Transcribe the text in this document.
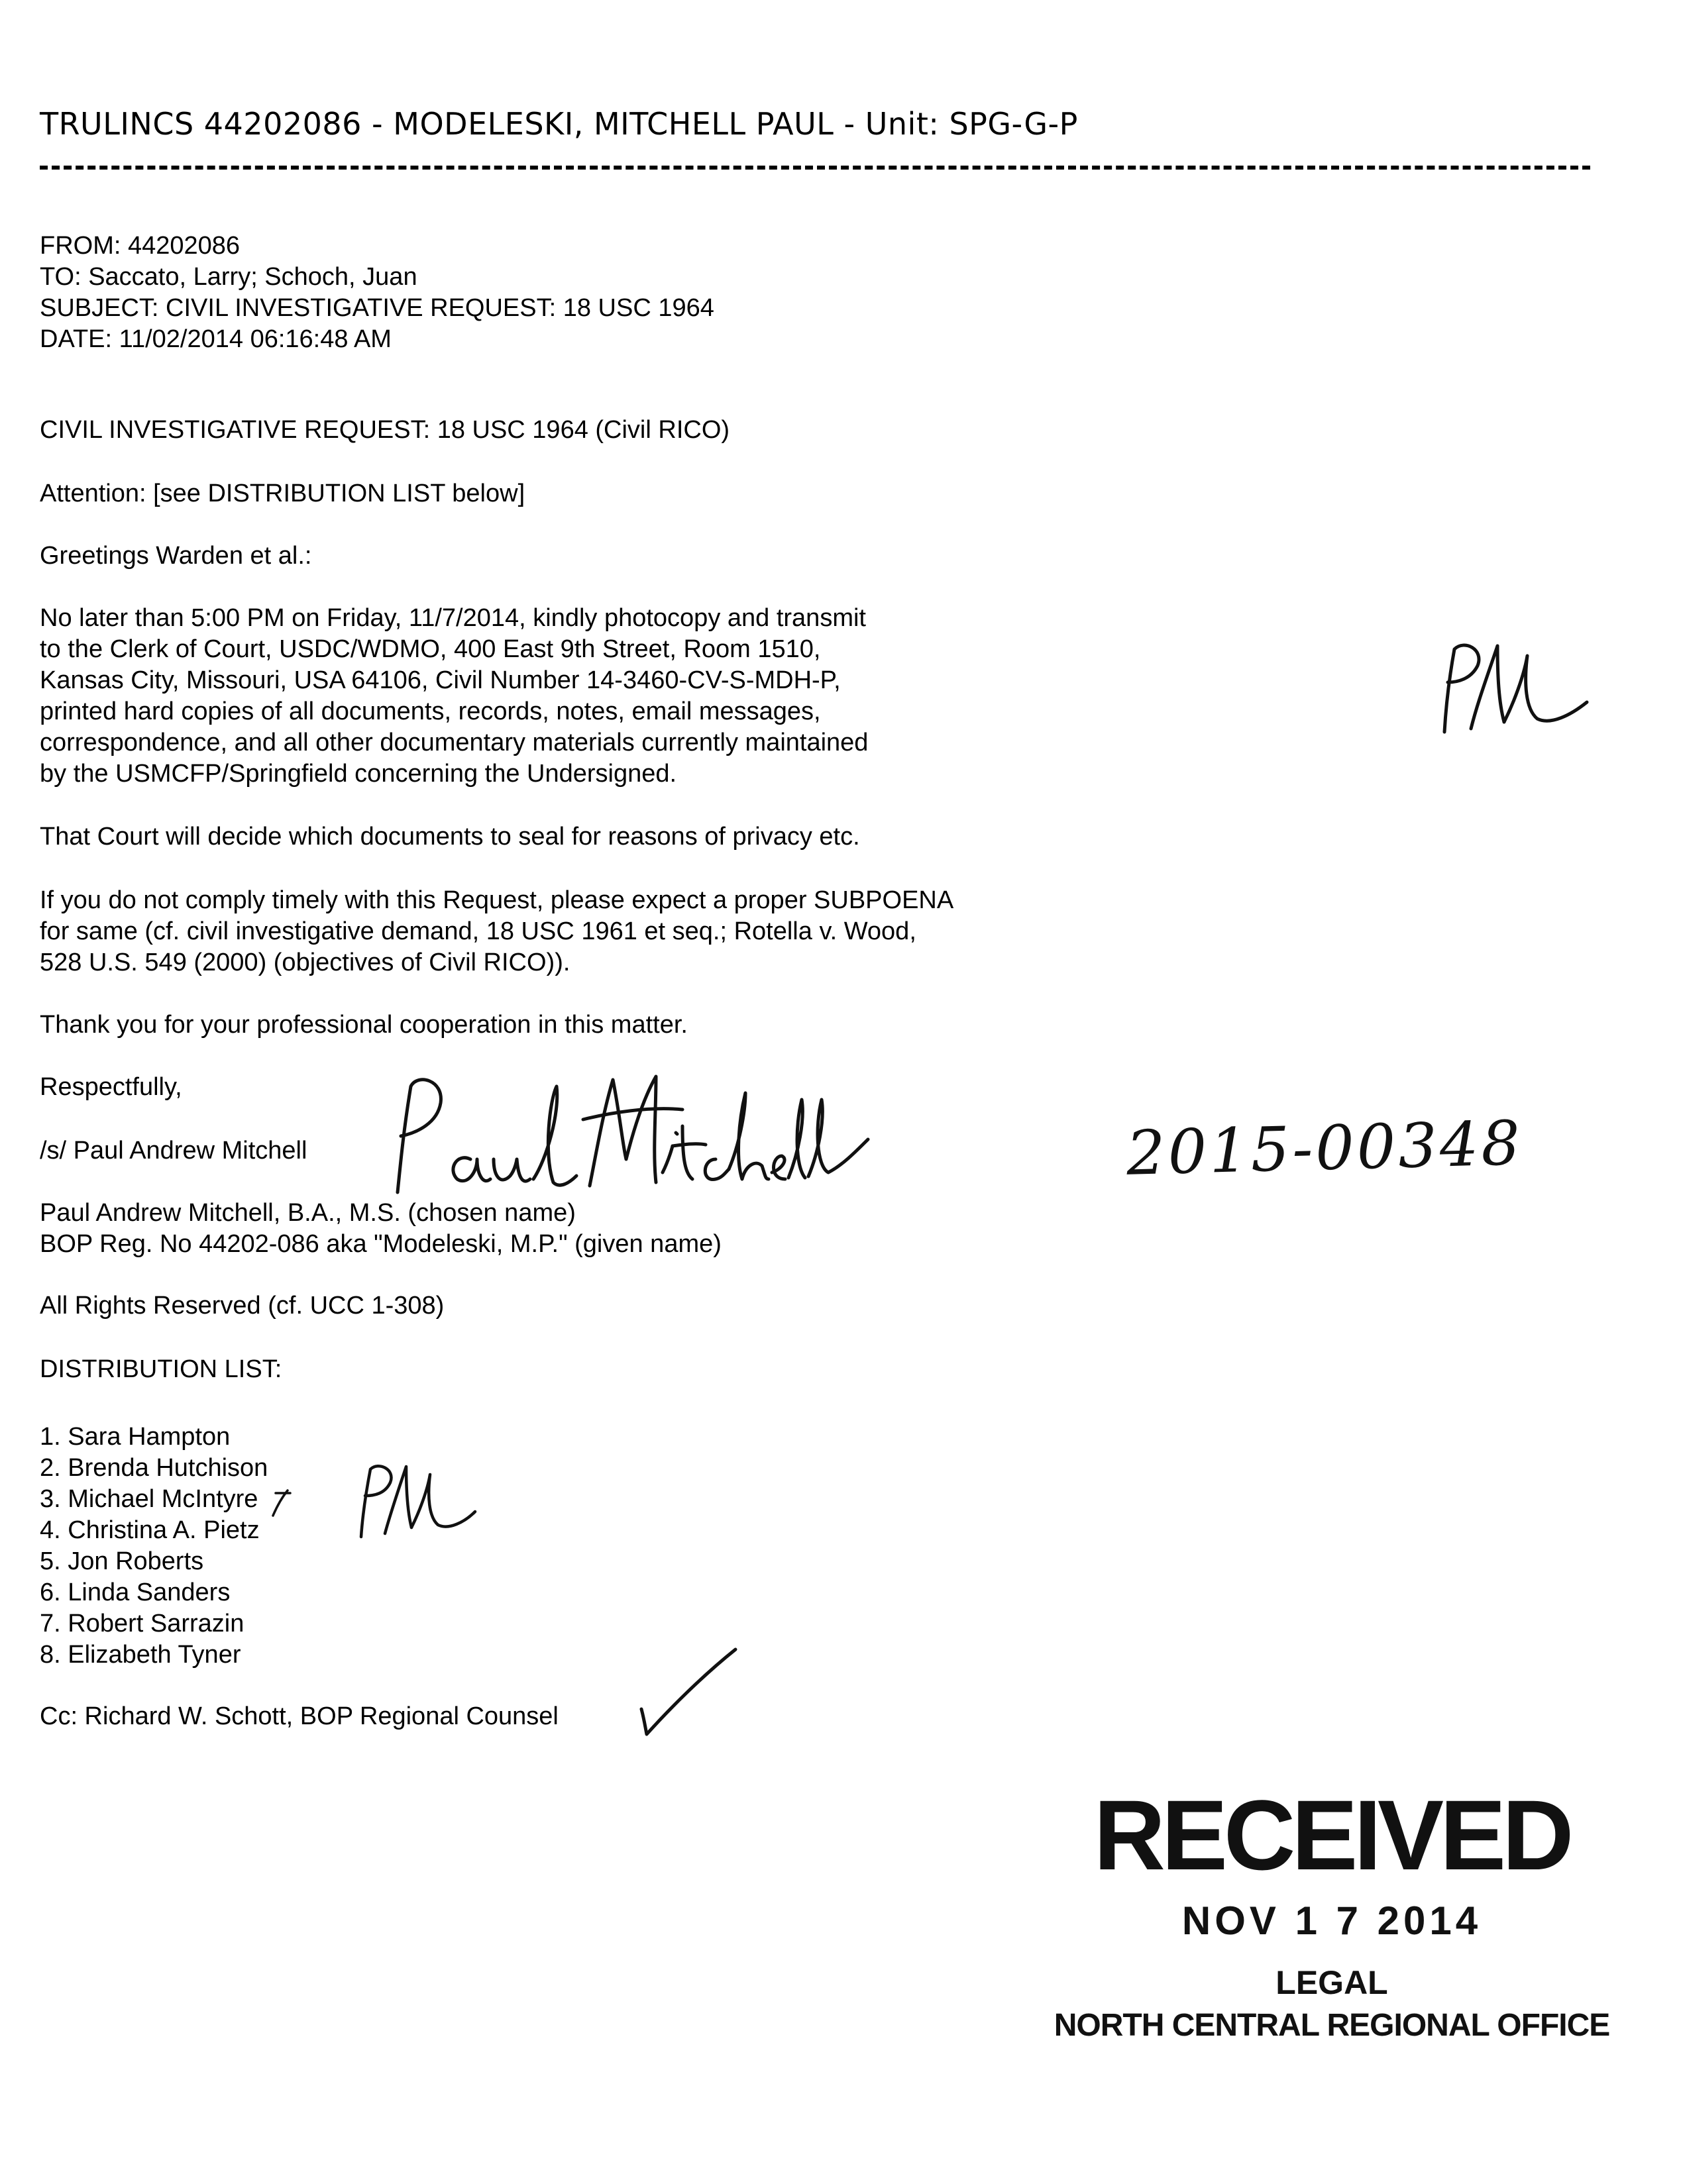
TRULINCS 44202086 - MODELESKI, MITCHELL PAUL - Unit: SPG-G-P
FROM: 44202086
TO: Saccato, Larry; Schoch, Juan
SUBJECT: CIVIL INVESTIGATIVE REQUEST: 18 USC 1964
DATE: 11/02/2014 06:16:48 AM
CIVIL INVESTIGATIVE REQUEST: 18 USC 1964 (Civil RICO)
Attention: [see DISTRIBUTION LIST below]
Greetings Warden et al.:
No later than 5:00 PM on Friday, 11/7/2014, kindly photocopy and transmit
to the Clerk of Court, USDC/WDMO, 400 East 9th Street, Room 1510,
Kansas City, Missouri, USA 64106, Civil Number 14-3460-CV-S-MDH-P,
printed hard copies of all documents, records, notes, email messages,
correspondence, and all other documentary materials currently maintained
by the USMCFP/Springfield concerning the Undersigned.
That Court will decide which documents to seal for reasons of privacy etc.
If you do not comply timely with this Request, please expect a proper SUBPOENA
for same (cf. civil investigative demand, 18 USC 1961 et seq.; Rotella v. Wood,
528 U.S. 549 (2000) (objectives of Civil RICO)).
Thank you for your professional cooperation in this matter.
Respectfully,
/s/ Paul Andrew Mitchell
Paul Andrew Mitchell, B.A., M.S. (chosen name)
BOP Reg. No 44202-086 aka "Modeleski, M.P." (given name)
All Rights Reserved (cf. UCC 1-308)
DISTRIBUTION LIST:
1. Sara Hampton
2. Brenda Hutchison
3. Michael McIntyre
4. Christina A. Pietz
5. Jon Roberts
6. Linda Sanders
7. Robert Sarrazin
8. Elizabeth Tyner
Cc: Richard W. Schott, BOP Regional Counsel
2015-00348
RECEIVED
NOV 1 7 2014
LEGAL
NORTH CENTRAL REGIONAL OFFICE
